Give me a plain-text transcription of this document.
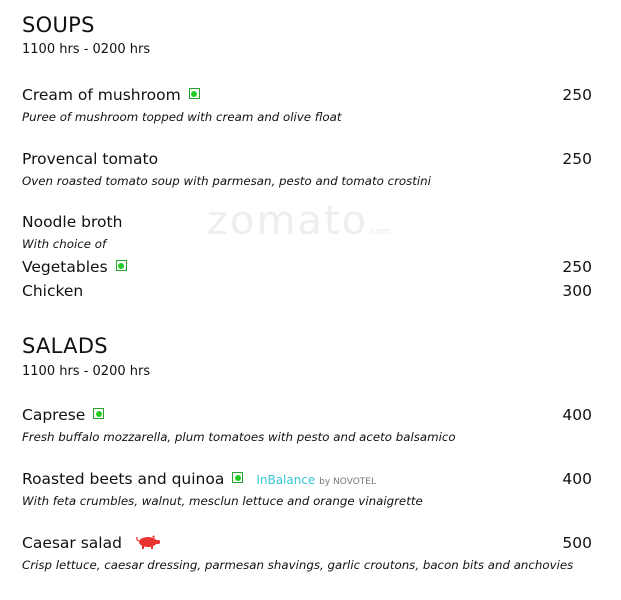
zomato.com
SOUPS
1100 hrs - 0200 hrs
Cream of mushroom	250
Puree of mushroom topped with cream and olive float
Provencal tomato	250
Oven roasted tomato soup with parmesan, pesto and tomato crostini
Noodle broth
With choice of
Vegetables	250
Chicken	300
SALADS
1100 hrs - 0200 hrs
Caprese	400
Fresh buffalo mozzarella, plum tomatoes with pesto and aceto balsamico
Roasted beets and quinoa	InBalance by NOVOTEL	400
With feta crumbles, walnut, mesclun lettuce and orange vinaigrette
Caesar salad	500
Crisp lettuce, caesar dressing, parmesan shavings, garlic croutons, bacon bits and anchovies
